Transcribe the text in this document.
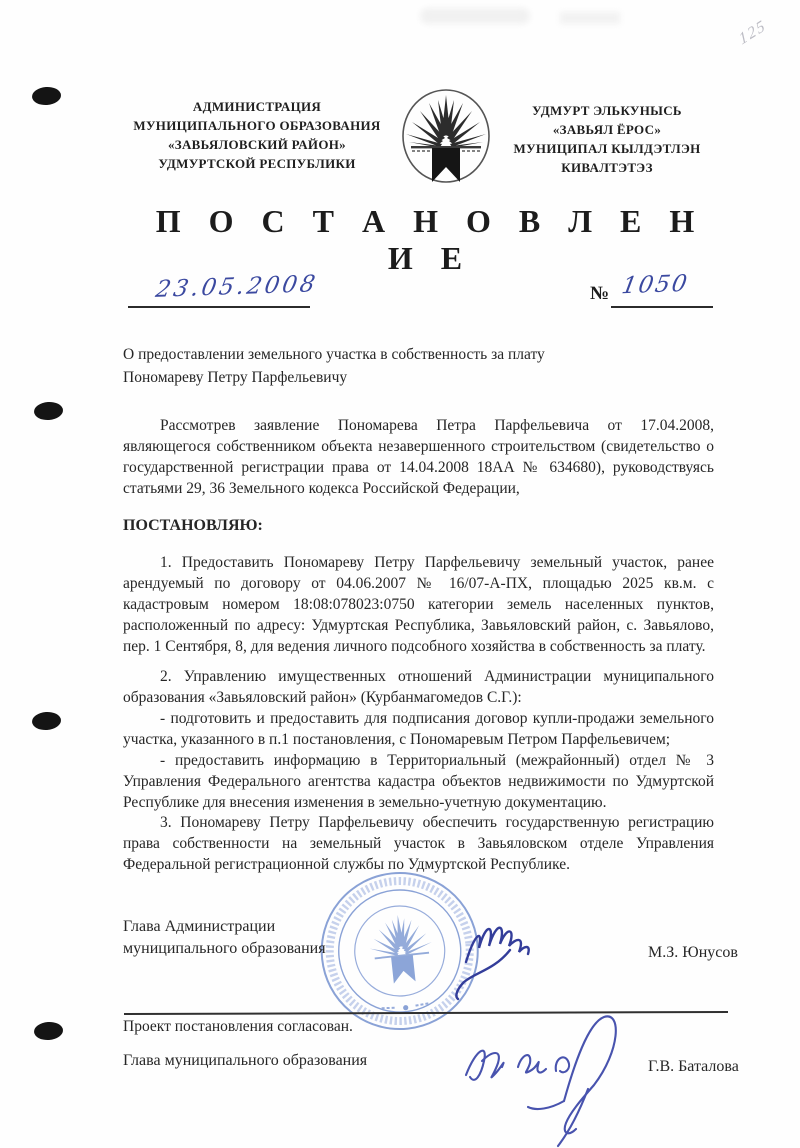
125
АДМИНИСТРАЦИЯ
МУНИЦИПАЛЬНОГО ОБРАЗОВАНИЯ
«ЗАВЬЯЛОВСКИЙ РАЙОН»
УДМУРТСКОЙ РЕСПУБЛИКИ
УДМУРТ ЭЛЬКУНЫСЬ
«ЗАВЬЯЛ ЁРОС»
МУНИЦИПАЛ КЫЛДЭТЛЭН
КИВАЛТЭТЭЗ
П О С Т А Н О В Л Е Н И Е
23.05.2008	№ 1050
О предоставлении земельного участка в собственность за плату
Пономареву Петру Парфельевичу
Рассмотрев заявление Пономарева Петра Парфельевича от 17.04.2008, являющегося собственником объекта незавершенного строительством (свидетельство о государственной регистрации права от 14.04.2008 18АА № 634680), руководствуясь статьями 29, 36 Земельного кодекса Российской Федерации,
ПОСТАНОВЛЯЮ:
1. Предоставить Пономареву Петру Парфельевичу земельный участок, ранее арендуемый по договору от 04.06.2007 № 16/07-А-ПХ, площадью 2025 кв.м. с кадастровым номером 18:08:078023:0750 категории земель населенных пунктов, расположенный по адресу: Удмуртская Республика, Завьяловский район, с. Завьялово, пер. 1 Сентября, 8, для ведения личного подсобного хозяйства в собственность за плату.
2. Управлению имущественных отношений Администрации муниципального образования «Завьяловский район» (Курбанмагомедов С.Г.):
- подготовить и предоставить для подписания договор купли-продажи земельного участка, указанного в п.1 постановления, с Пономаревым Петром Парфельевичем;
- предоставить информацию в Территориальный (межрайонный) отдел № 3 Управления Федерального агентства кадастра объектов недвижимости по Удмуртской Республике для внесения изменения в земельно-учетную документацию.
3. Пономареву Петру Парфельевичу обеспечить государственную регистрацию права собственности на земельный участок в Завьяловском отделе Управления Федеральной регистрационной службы по Удмуртской Республике.
Глава Администрации
муниципального образования	М.З. Юнусов
Проект постановления согласован.
Глава муниципального образования	Г.В. Баталова
